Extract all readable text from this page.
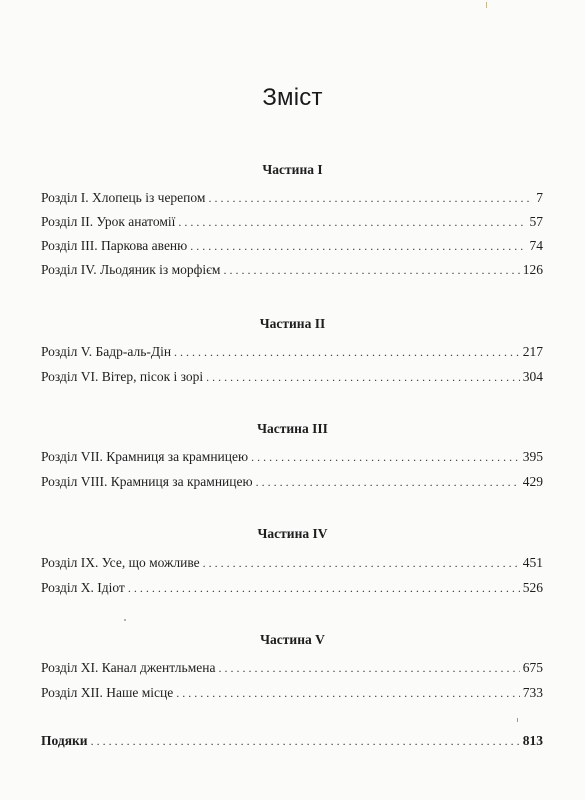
Зміст
Частина I
Розділ I. Хлопець із черепом . . .	7
Розділ II. Урок анатомії . . .	57
Розділ III. Паркова авеню . . .	74
Розділ IV. Льодяник із морфієм . . .	126
Частина II
Розділ V. Бадр-аль-Дін . . .	217
Розділ VI. Вітер, пісок і зорі . . .	304
Частина III
Розділ VII. Крамниця за крамницею . . .	395
Розділ VIII. Крамниця за крамницею . . .	429
Частина IV
Розділ IX. Усе, що можливе . . .	451
Розділ X. Ідіот . . .	526
Частина V
Розділ XI. Канал джентльмена . . .	675
Розділ XII. Наше місце . . .	733
Подяки . . .	813
